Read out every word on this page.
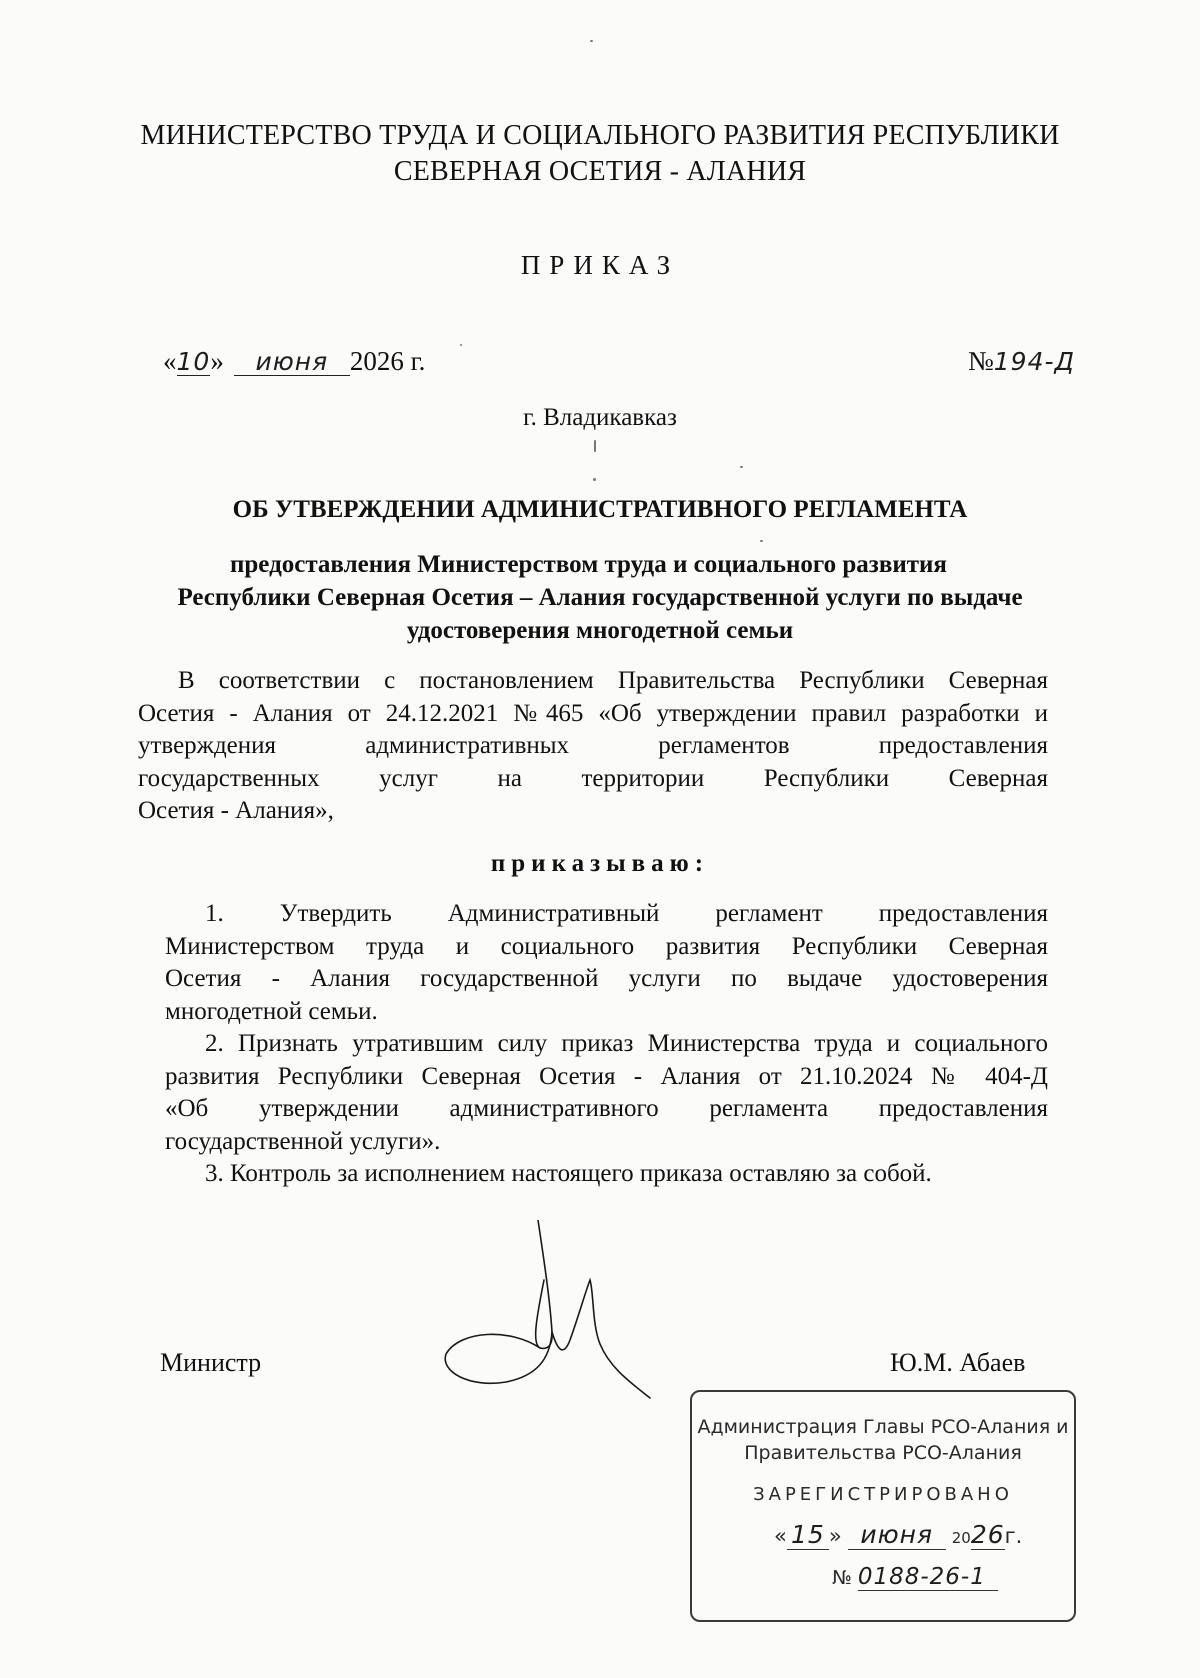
МИНИСТЕРСТВО ТРУДА И СОЦИАЛЬНОГО РАЗВИТИЯ РЕСПУБЛИКИ
СЕВЕРНАЯ ОСЕТИЯ - АЛАНИЯ
ПРИКАЗ
«10» июня 2026 г.	№194-Д
г. Владикавказ
ОБ УТВЕРЖДЕНИИ АДМИНИСТРАТИВНОГО РЕГЛАМЕНТА
предоставления Министерством труда и социального развития
Республики Северная Осетия – Алания государственной услуги по выдаче
удостоверения многодетной семьи
В соответствии с постановлением Правительства Республики Северная
Осетия - Алания от 24.12.2021 №465 «Об утверждении правил разработки и
утверждения административных регламентов предоставления
государственных услуг на территории Республики Северная
Осетия - Алания»,
приказываю:
1. Утвердить Административный регламент предоставления
Министерством труда и социального развития Республики Северная
Осетия - Алания государственной услуги по выдаче удостоверения
многодетной семьи.
2. Признать утратившим силу приказ Министерства труда и социального
развития Республики Северная Осетия - Алания от 21.10.2024 № 404-Д
«Об утверждении административного регламента предоставления
государственной услуги».
3. Контроль за исполнением настоящего приказа оставляю за собой.
Министр	Ю.М. Абаев
Администрация Главы РСО-Алания и
Правительства РСО-Алания
ЗАРЕГИСТРИРОВАНО
« 15 » июня 2026г.
№ 0188-26-1
